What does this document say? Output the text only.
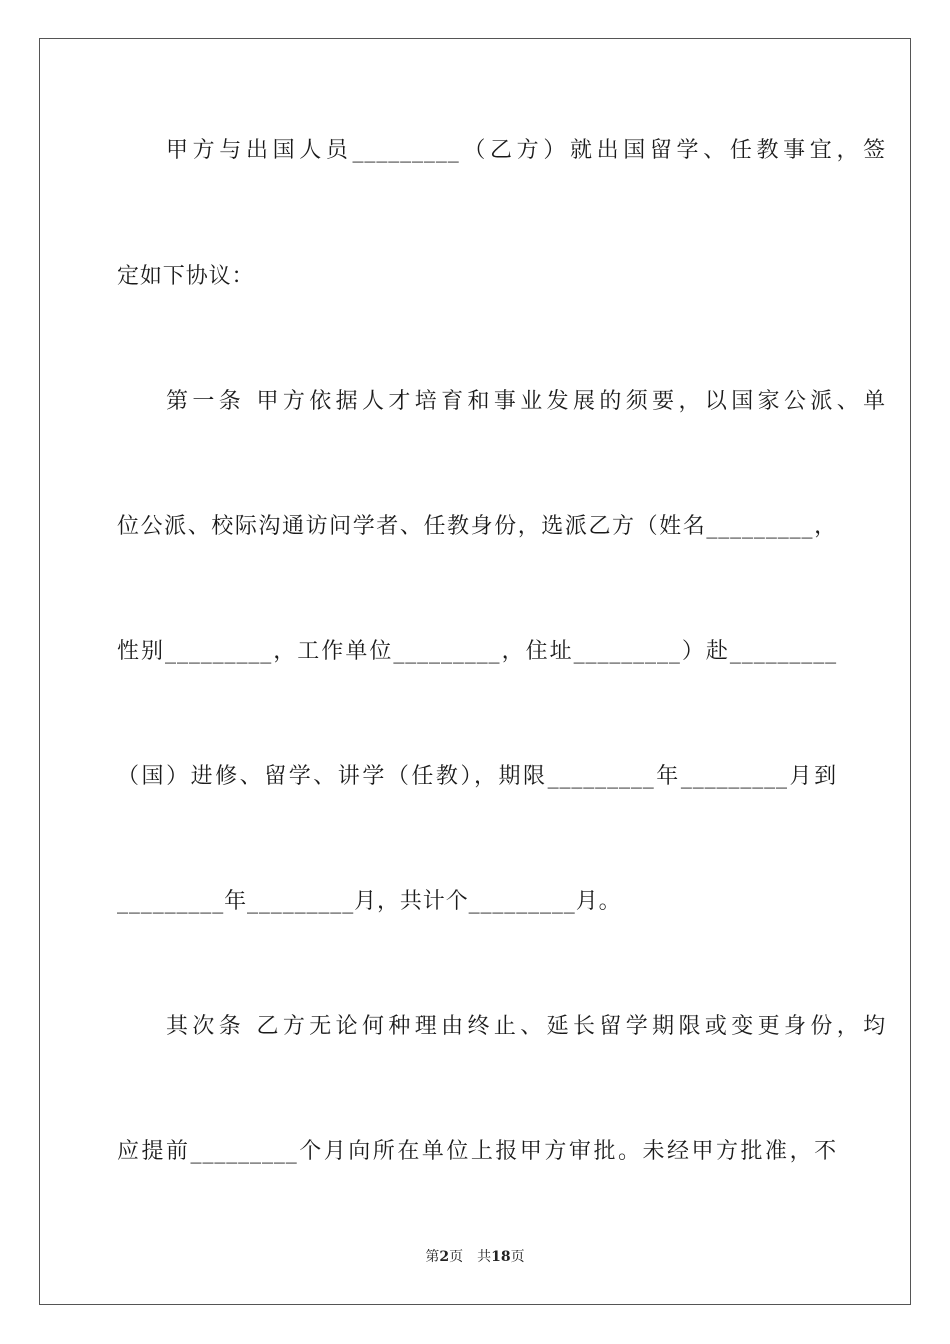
甲方与出国人员_________（乙方）就出国留学、任教事宜，签
定如下协议：
第一条 甲方依据人才培育和事业发展的须要，以国家公派、单
位公派、校际沟通访问学者、任教身份，选派乙方（姓名_________，
性别_________，工作单位_________，住址_________）赴_________
（国）进修、留学、讲学（任教），期限_________年_________月到
_________年_________月，共计个_________月。
其次条 乙方无论何种理由终止、延长留学期限或变更身份，均
应提前_________个月向所在单位上报甲方审批。未经甲方批准，不
第2页 共18页
